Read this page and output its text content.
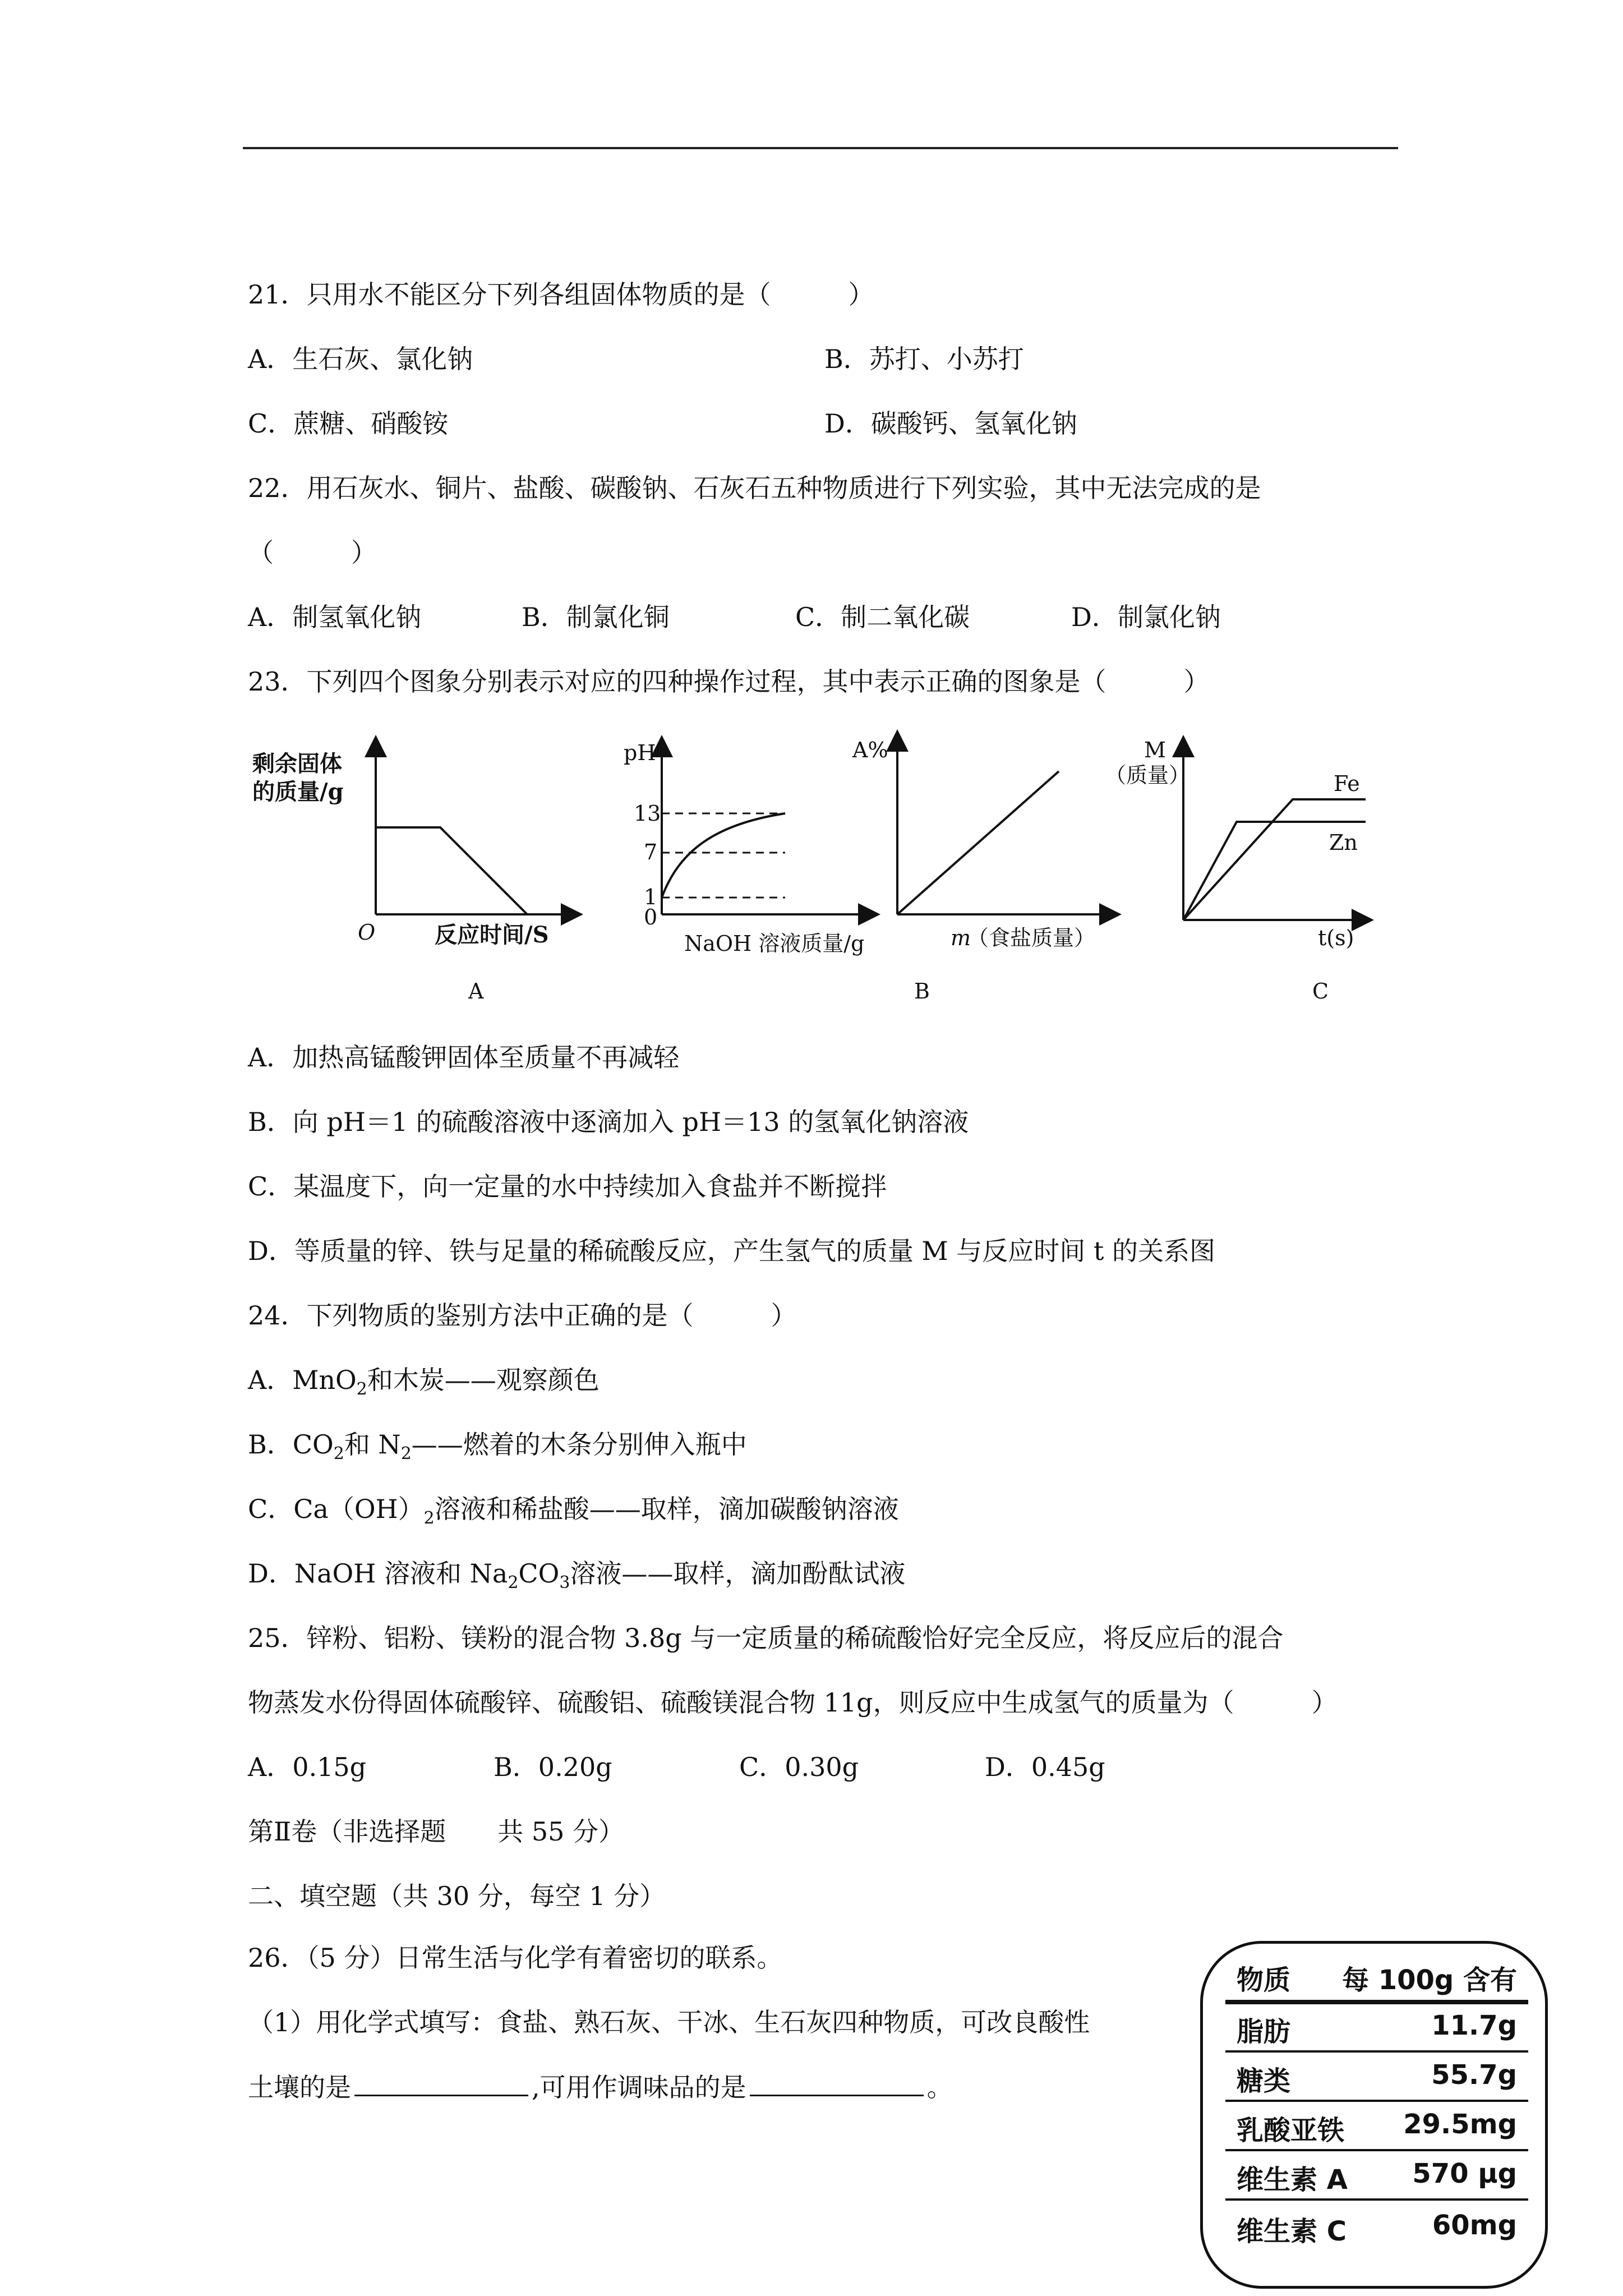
21．只用水不能区分下列各组固体物质的是（　　　）
A．生石灰、氯化钠	B．苏打、小苏打
C．蔗糖、硝酸铵	D．碳酸钙、氢氧化钠
22．用石灰水、铜片、盐酸、碳酸钠、石灰石五种物质进行下列实验，其中无法完成的是
（　　　）
A．制氢氧化钠	B．制氯化铜	C．制二氧化碳	D．制氯化钠
23．下列四个图象分别表示对应的四种操作过程，其中表示正确的图象是（　　　）
剩余固体
的质量/g
O	反应时间/S
A
pH
13
7
1
0
NaOH 溶液质量/g
A%
m
（食盐质量）
B
M
（质量）	Fe
Zn
t(s)
C
A．加热高锰酸钾固体至质量不再减轻
B．向 pH＝1 的硫酸溶液中逐滴加入 pH＝13 的氢氧化钠溶液
C．某温度下，向一定量的水中持续加入食盐并不断搅拌
D．等质量的锌、铁与足量的稀硫酸反应，产生氢气的质量 M 与反应时间 t 的关系图
24．下列物质的鉴别方法中正确的是（　　　）
A．MnO$_2$和木炭——观察颜色
B．$CO_2$和 $N_2——$燃着的木条分别伸入瓶中
C．$Ca(OH)_2$溶液和稀盐酸——取样，滴加碳酸钠溶液
D．NaOH 溶液和 $Na_2CO_3$溶液——取样，滴加酚酞试液
25．锌粉、铝粉、镁粉的混合物 3.8g 与一定质量的稀硫酸恰好完全反应，将反应后的混合
物蒸发水份得固体硫酸锌、硫酸铝、硫酸镁混合物 11g，则反应中生成氢气的质量为（　　　）
A．0.15g	B．0.20g	C．0.30g	D．0.45g
第Ⅱ卷（非选择题　　共 55 分）
二、填空题（共 30 分，每空 1 分）
26．（5 分）日常生活与化学有着密切的联系。
（1）用化学式填写：食盐、熟石灰、干冰、生石灰四种物质，可改良酸性
土壤的是	,可用作调味品的是	。
物质 每 100g 含有
脂肪	11.7g
糖类	55.7g
乳酸亚铁 29.5mg
维生素 A 570 μg
维生素 C	60mg
